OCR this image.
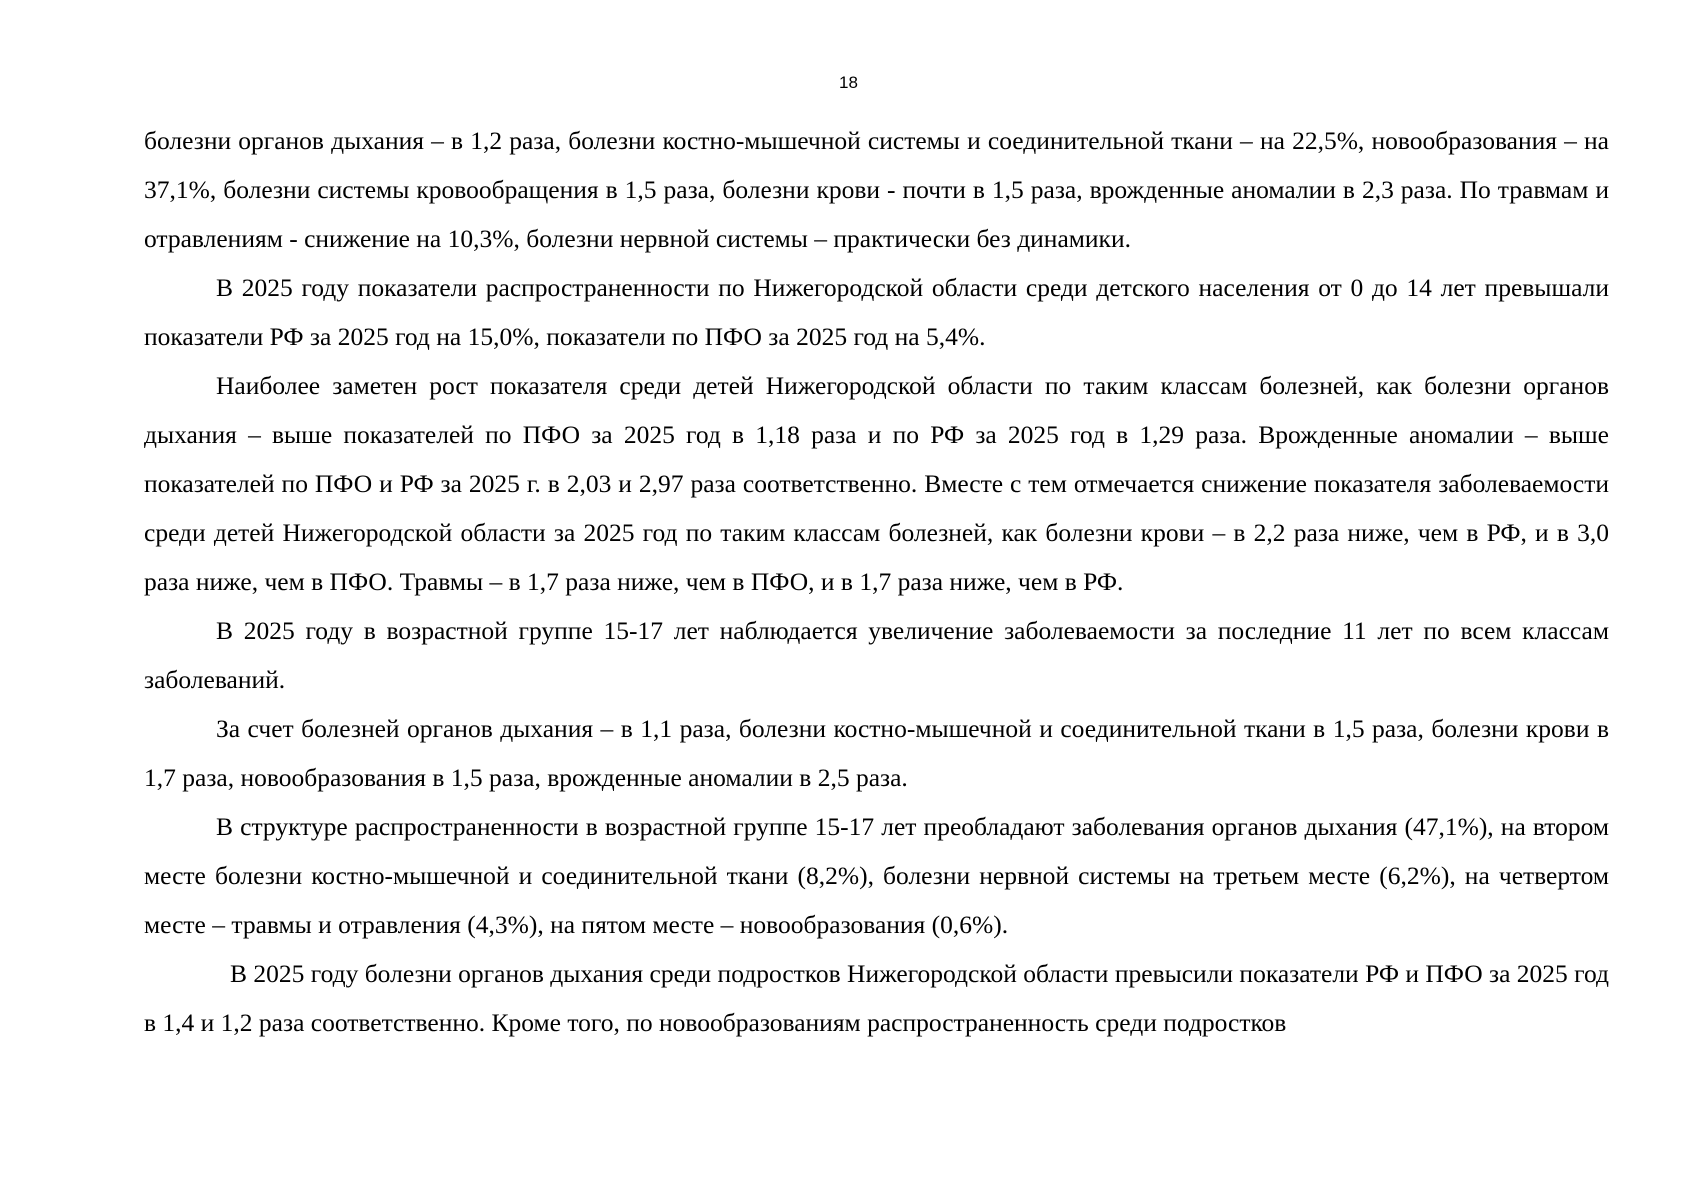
18

болезни органов дыхания – в 1,2 раза, болезни костно-мышечной системы и соединительной ткани – на 22,5%, новообразования – на 37,1%, болезни системы кровообращения в 1,5 раза, болезни крови - почти в 1,5 раза, врожденные аномалии в 2,3 раза. По травмам и отравлениям - снижение на 10,3%, болезни нервной системы – практически без динамики.

В 2025 году показатели распространенности по Нижегородской области среди детского населения от 0 до 14 лет превышали показатели РФ за 2025 год на 15,0%, показатели по ПФО за 2025 год на 5,4%.

Наиболее заметен рост показателя среди детей Нижегородской области по таким классам болезней, как болезни органов дыхания – выше показателей по ПФО за 2025 год в 1,18 раза и по РФ за 2025 год в 1,29 раза. Врожденные аномалии – выше показателей по ПФО и РФ за 2025 г. в 2,03 и 2,97 раза соответственно. Вместе с тем отмечается снижение показателя заболеваемости среди детей Нижегородской области за 2025 год по таким классам болезней, как болезни крови – в 2,2 раза ниже, чем в РФ, и в 3,0 раза ниже, чем в ПФО. Травмы – в 1,7 раза ниже, чем в ПФО, и в 1,7 раза ниже, чем в РФ.

В 2025 году в возрастной группе 15-17 лет наблюдается увеличение заболеваемости за последние 11 лет по всем классам заболеваний.

За счет болезней органов дыхания – в 1,1 раза, болезни костно-мышечной и соединительной ткани в 1,5 раза, болезни крови в 1,7 раза, новообразования в 1,5 раза, врожденные аномалии в 2,5 раза.

В структуре распространенности в возрастной группе 15-17 лет преобладают заболевания органов дыхания (47,1%), на втором месте болезни костно-мышечной и соединительной ткани (8,2%), болезни нервной системы на третьем месте (6,2%), на четвертом месте – травмы и отравления (4,3%), на пятом месте – новообразования (0,6%).

В 2025 году болезни органов дыхания среди подростков Нижегородской области превысили показатели РФ и ПФО за 2025 год в 1,4 и 1,2 раза соответственно. Кроме того, по новообразованиям распространенность среди подростков
